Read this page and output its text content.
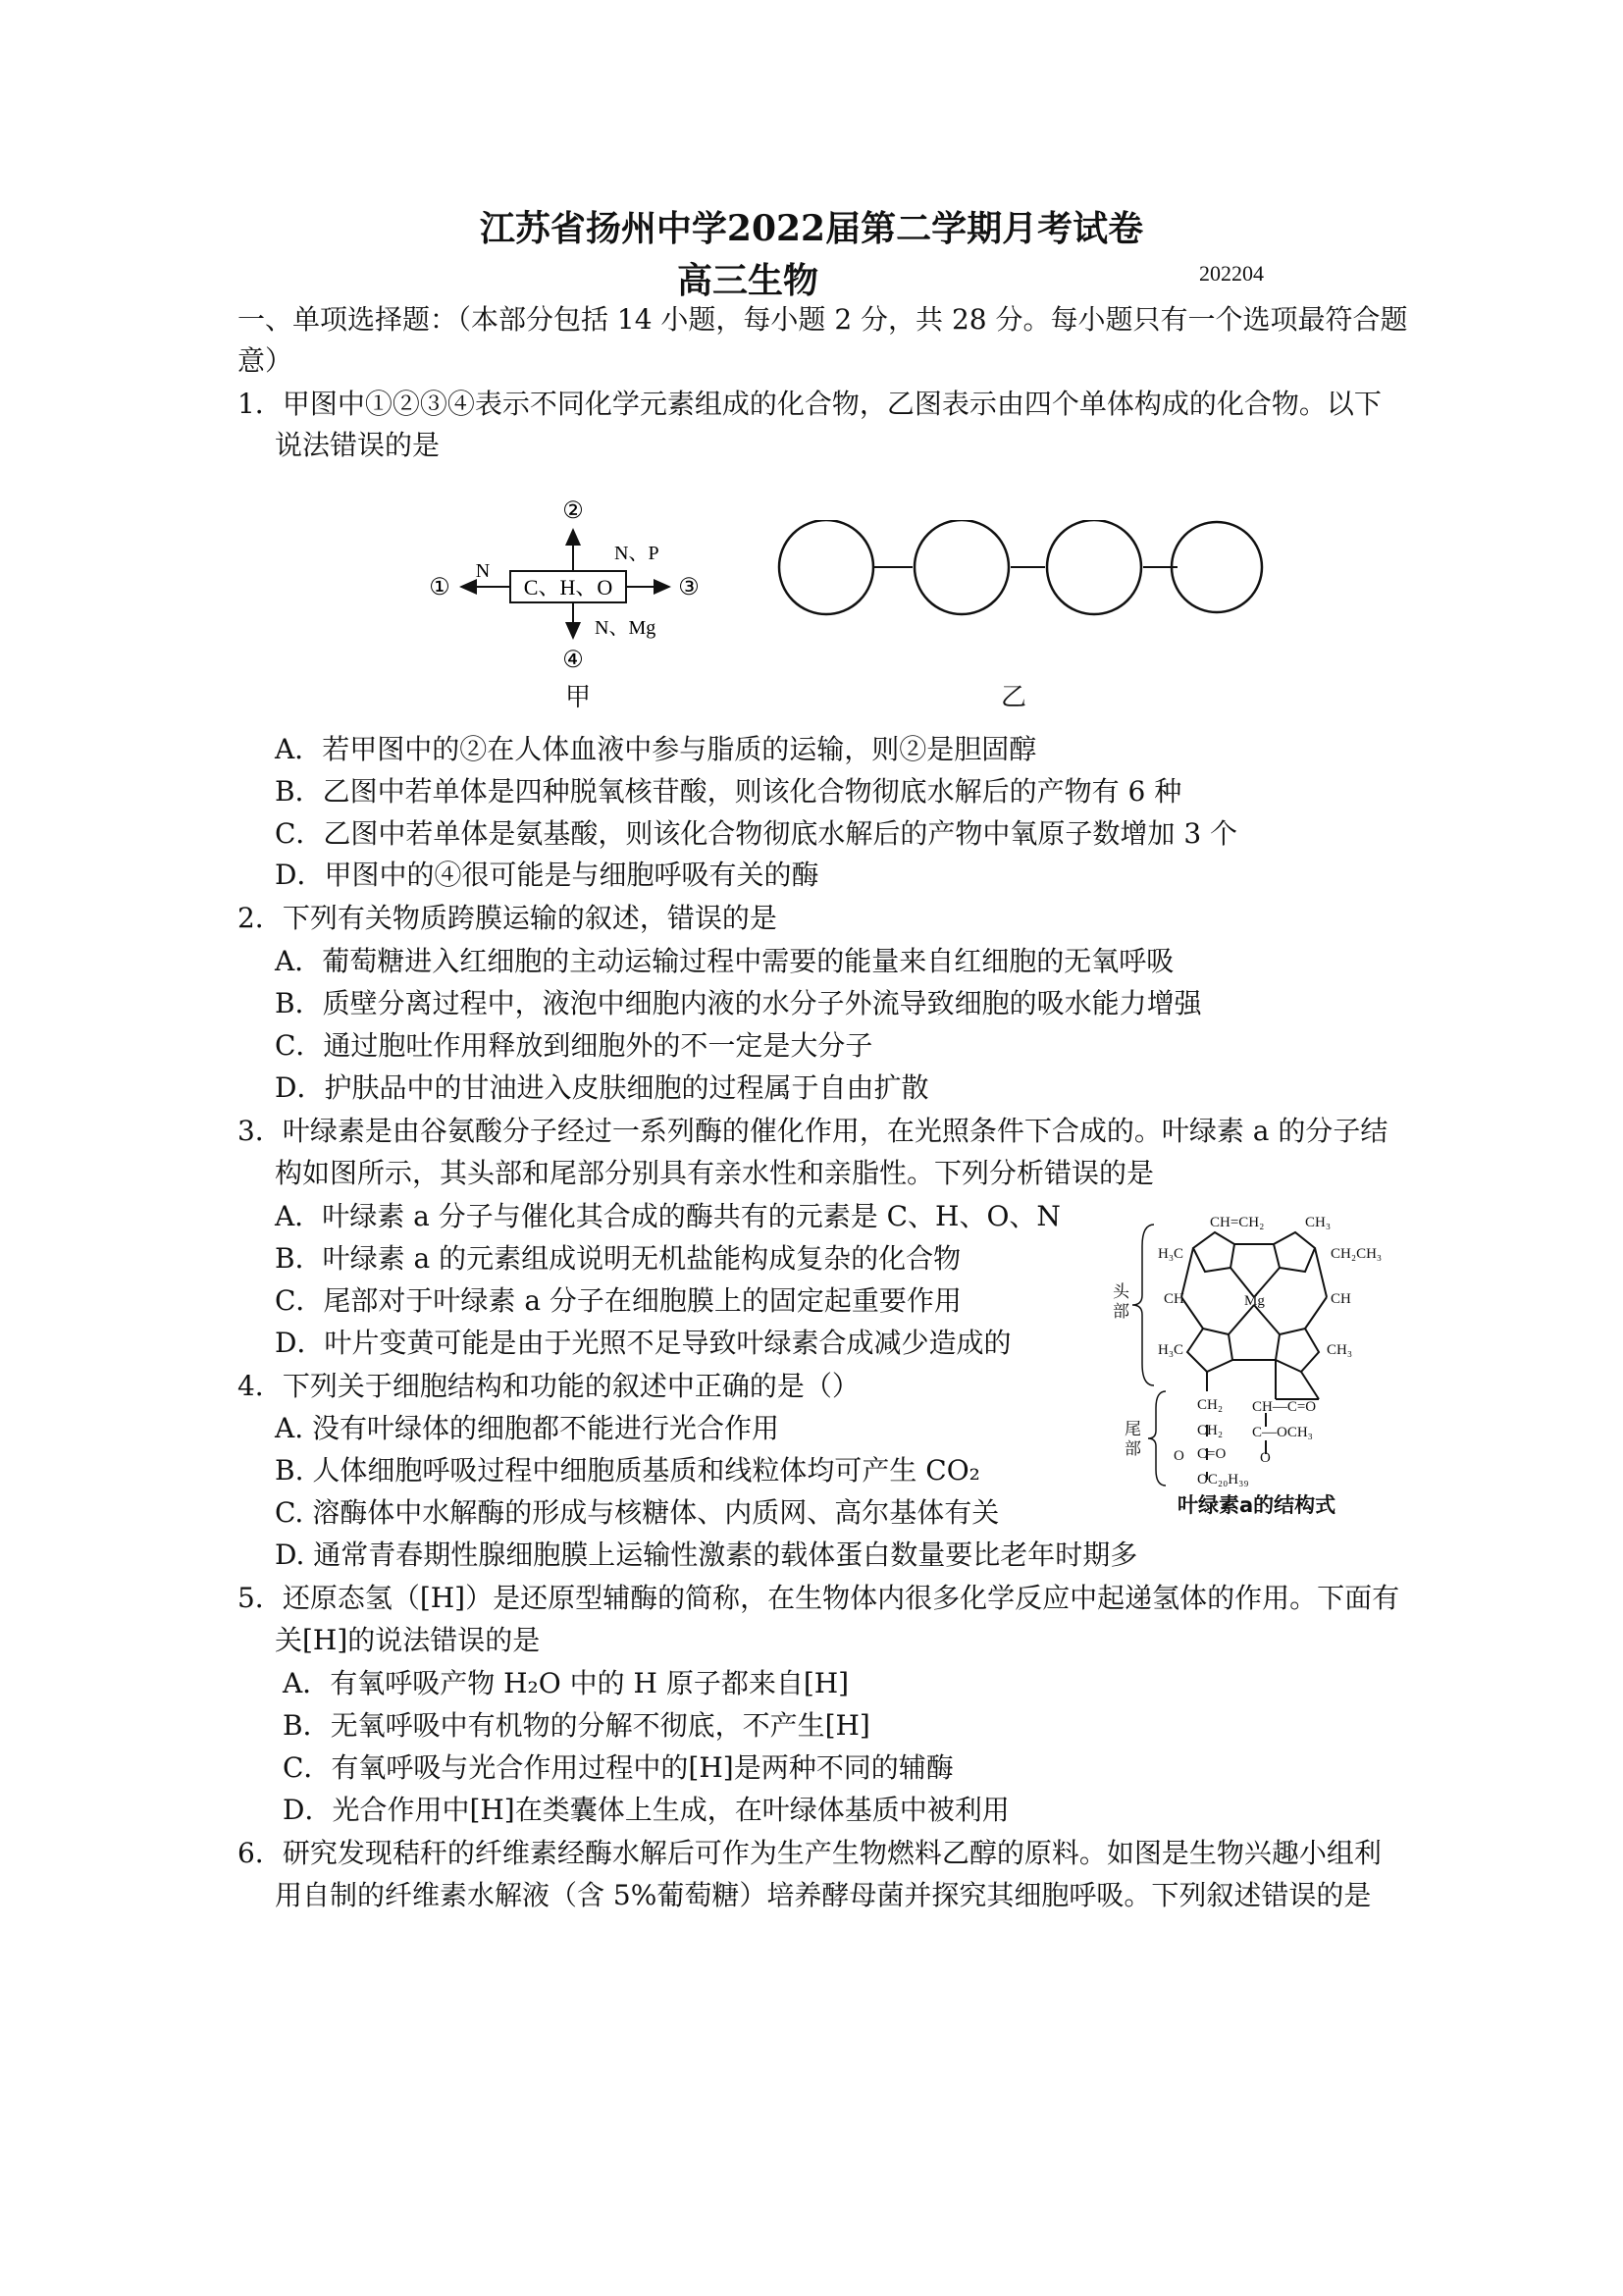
江苏省扬州中学2022届第二学期月考试卷
高三生物	202204
一、单项选择题：（本部分包括 14 小题，每小题 2 分，共 28 分。每小题只有一个选项最符合题
意）
1．甲图中①②③④表示不同化学元素组成的化合物，乙图表示由四个单体构成的化合物。以下
说法错误的是
C、H、O
①
N
③
N、P
②
④
N、Mg
甲	乙
A．若甲图中的②在人体血液中参与脂质的运输，则②是胆固醇
B．乙图中若单体是四种脱氧核苷酸，则该化合物彻底水解后的产物有 6 种
C．乙图中若单体是氨基酸，则该化合物彻底水解后的产物中氧原子数增加 3 个
D．甲图中的④很可能是与细胞呼吸有关的酶
2．下列有关物质跨膜运输的叙述，错误的是
A．葡萄糖进入红细胞的主动运输过程中需要的能量来自红细胞的无氧呼吸
B．质壁分离过程中，液泡中细胞内液的水分子外流导致细胞的吸水能力增强
C．通过胞吐作用释放到细胞外的不一定是大分子
D．护肤品中的甘油进入皮肤细胞的过程属于自由扩散
3．叶绿素是由谷氨酸分子经过一系列酶的催化作用，在光照条件下合成的。叶绿素 a 的分子结
构如图所示，其头部和尾部分别具有亲水性和亲脂性。下列分析错误的是
A．叶绿素 a 分子与催化其合成的酶共有的元素是 C、H、O、N
B．叶绿素 a 的元素组成说明无机盐能构成复杂的化合物
C．尾部对于叶绿素 a 分子在细胞膜上的固定起重要作用
D．叶片变黄可能是由于光照不足导致叶绿素合成减少造成的
头
部
尾
部
CH=CH₂	CH₃
H₃C	CH₂CH₃
CH	Mg	CH
H₃C	CH₃
CH₂ CH—C=O
CH₂ C—OCH₃
C=O O
O
OC₂₀H₃₉
叶绿素a的结构式
4．下列关于细胞结构和功能的叙述中正确的是（）
A. 没有叶绿体的细胞都不能进行光合作用
B. 人体细胞呼吸过程中细胞质基质和线粒体均可产生 CO₂
C. 溶酶体中水解酶的形成与核糖体、内质网、高尔基体有关
D. 通常青春期性腺细胞膜上运输性激素的载体蛋白数量要比老年时期多
5．还原态氢（[H]）是还原型辅酶的简称，在生物体内很多化学反应中起递氢体的作用。下面有
关[H]的说法错误的是
A．有氧呼吸产物 H₂O 中的 H 原子都来自[H]
B．无氧呼吸中有机物的分解不彻底，不产生[H]
C．有氧呼吸与光合作用过程中的[H]是两种不同的辅酶
D．光合作用中[H]在类囊体上生成，在叶绿体基质中被利用
6．研究发现秸秆的纤维素经酶水解后可作为生产生物燃料乙醇的原料。如图是生物兴趣小组利
用自制的纤维素水解液（含 5%葡萄糖）培养酵母菌并探究其细胞呼吸。下列叙述错误的是
